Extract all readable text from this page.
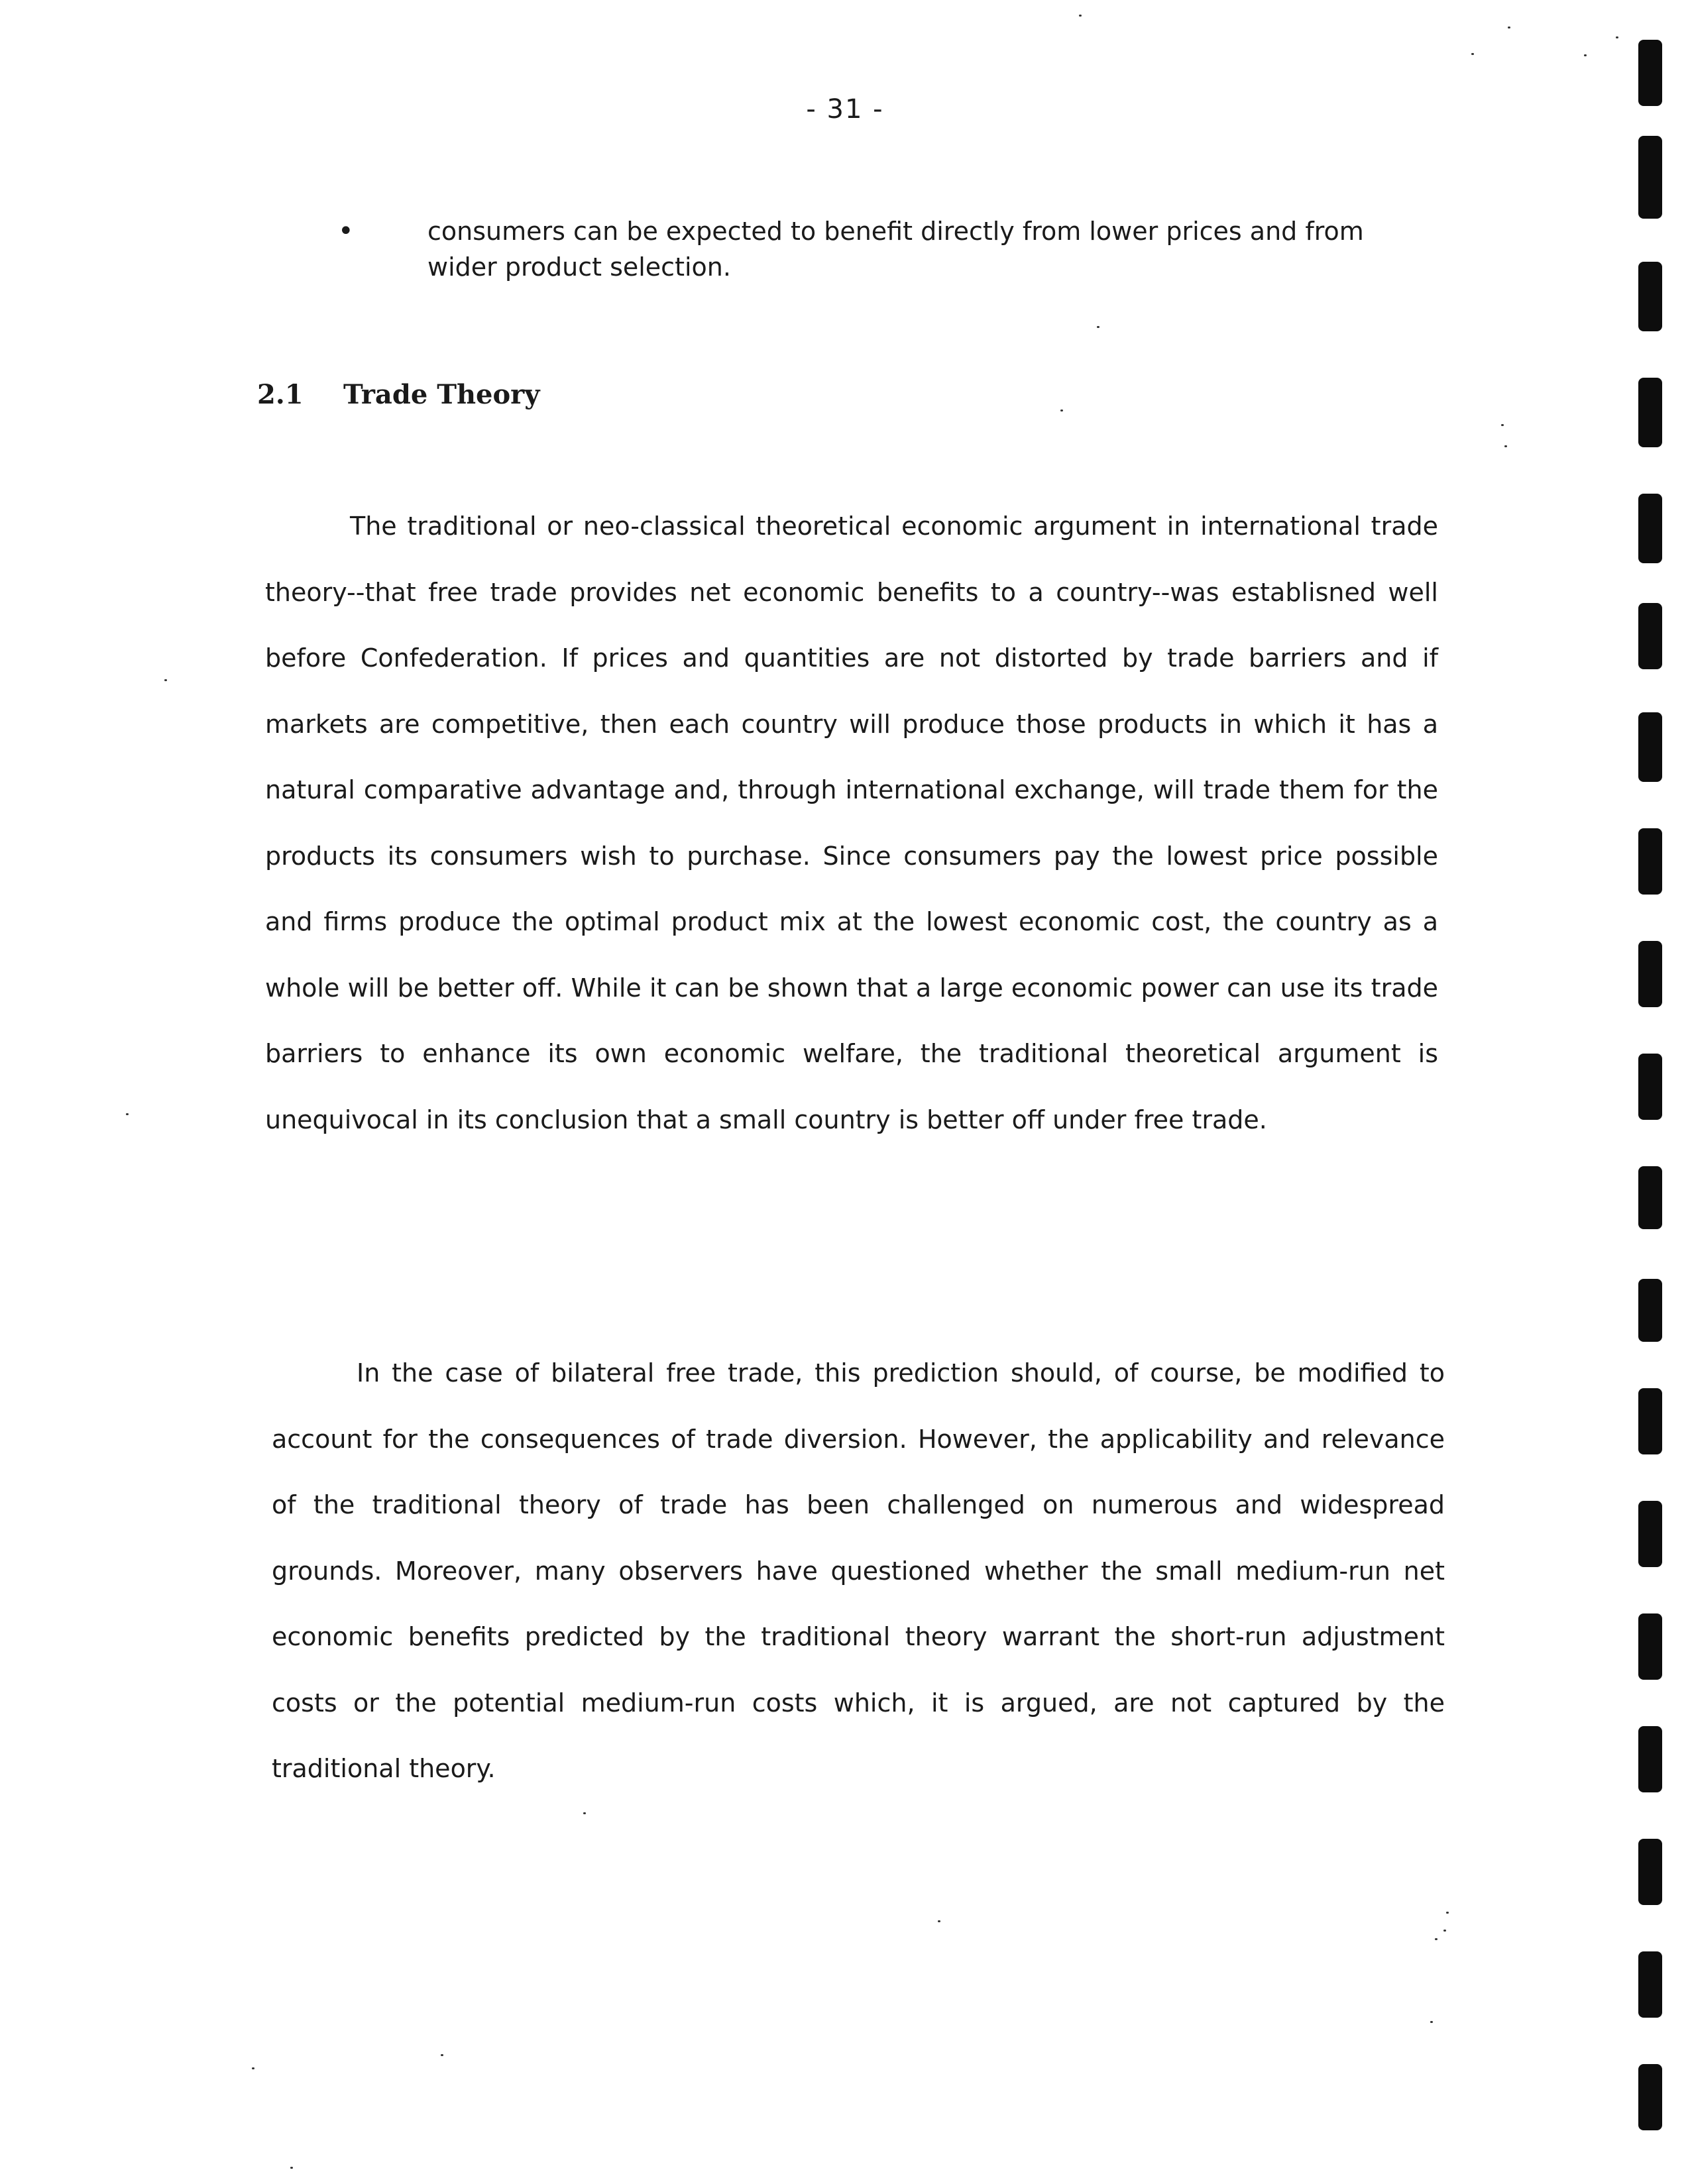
- 31 -
•	consumers can be expected to benefit directly from lower prices and from wider product selection.
2.1 Trade Theory

The traditional or neo-classical theoretical economic argument in international trade theory--that free trade provides net economic benefits to a country--was establisned well before Confederation. If prices and quantities are not distorted by trade barriers and if markets are competitive, then each country will produce those products in which it has a natural comparative advantage and, through international exchange, will trade them for the products its consumers wish to purchase. Since consumers pay the lowest price possible and firms produce the optimal product mix at the lowest economic cost, the country as a whole will be better off. While it can be shown that a large economic power can use its trade barriers to enhance its own economic welfare, the traditional theoretical argument is unequivocal in its conclusion that a small country is better off under free trade.

In the case of bilateral free trade, this prediction should, of course, be modified to account for the consequences of trade diversion. However, the applicability and relevance of the traditional theory of trade has been challenged on numerous and widespread grounds. Moreover, many observers have questioned whether the small medium-run net economic benefits predicted by the traditional theory warrant the short-run adjustment costs or the potential medium-run costs which, it is argued, are not captured by the traditional theory.
